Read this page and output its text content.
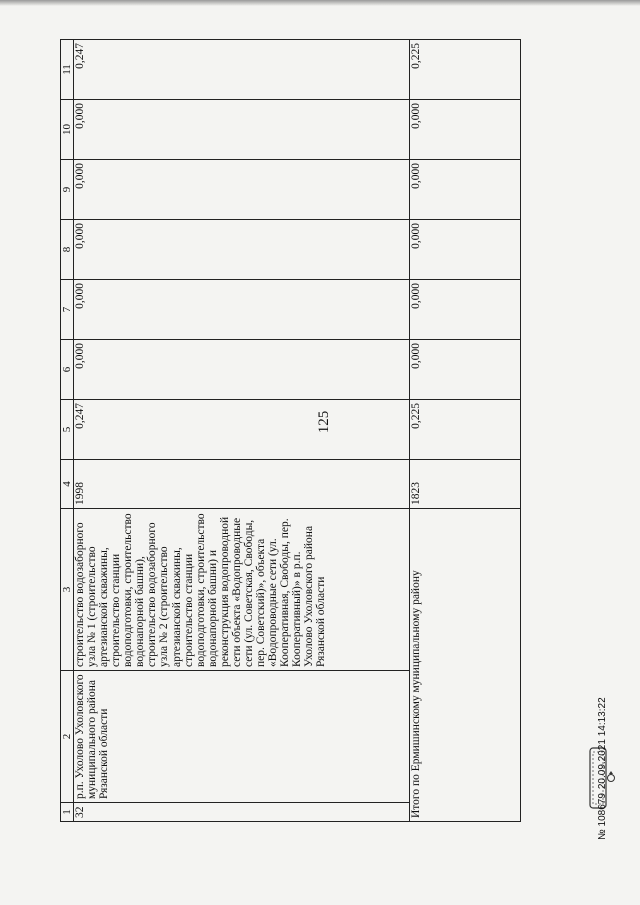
125
1	2	3	4	5	6	7	8	9	10	11
32	р.п. Ухолово Ухоловского муниципального района Рязанской области	строительство водозаборного узла № 1 (строительство артезианской скважины, строительство станции водоподготовки, строительство водонапорной башни), строительство водозаборного узла № 2 (строительство артезианской скважины, строительство станции водоподготовки, строительство водонапорной башни) и реконструкция водопроводной сети объекта «Водопроводные сети (ул. Советская, Свободы, пер. Советский)», объекта «Водопроводные сети (ул. Кооперативная, Свободы, пер. Кооперативный)» в р.п. Ухолово Ухоловского района Рязанской области	1998	0,247	0,000	0,000	0,000	0,000	0,000	0,247
Итого по Ермишинскому муниципальному району			1823	0,225	0,000	0,000	0,000	0,000	0,000	0,225
№ 108679
20.09.2021 14:13:22
